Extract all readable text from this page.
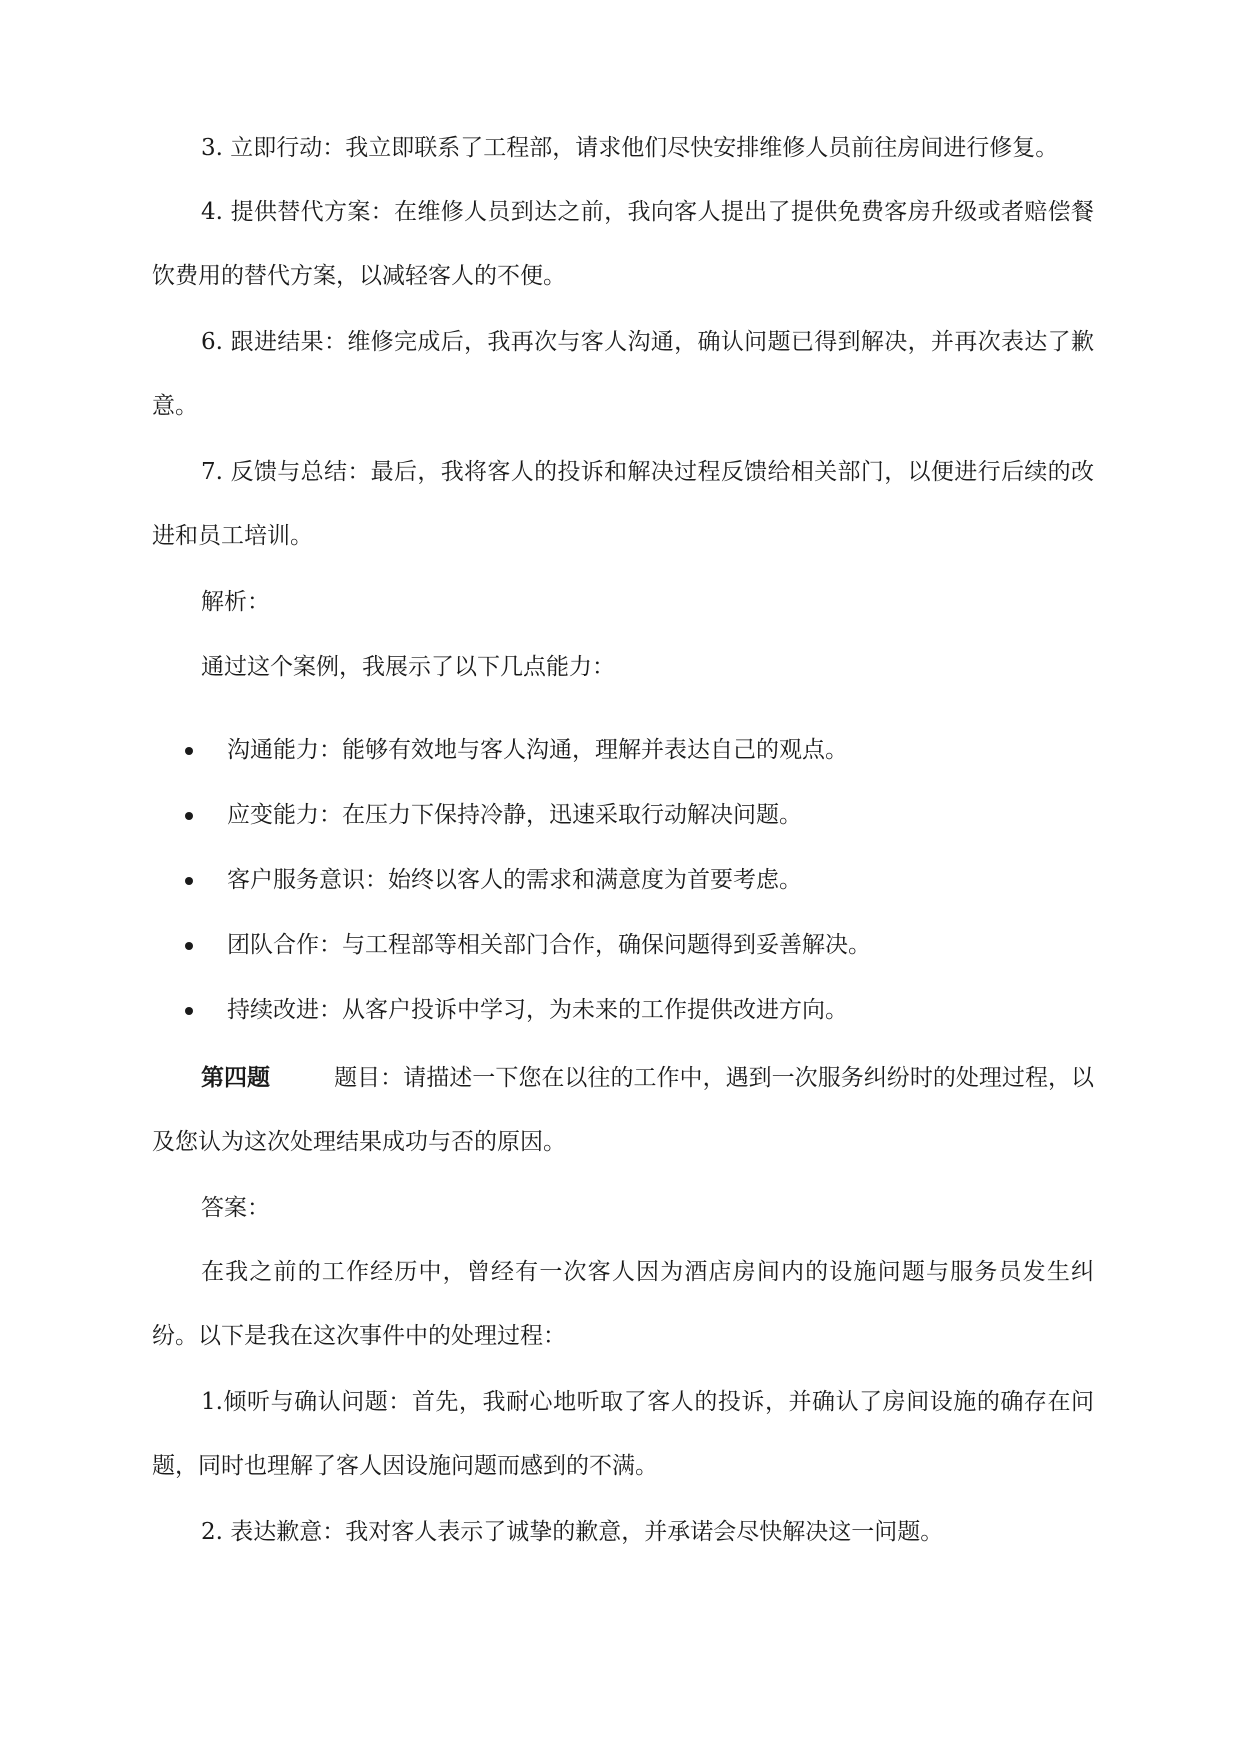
3. 立即行动：我立即联系了工程部，请求他们尽快安排维修人员前往房间进行修复。

4. 提供替代方案：在维修人员到达之前，我向客人提出了提供免费客房升级或者赔偿餐饮费用的替代方案，以减轻客人的不便。

6. 跟进结果：维修完成后，我再次与客人沟通，确认问题已得到解决，并再次表达了歉意。

7. 反馈与总结：最后，我将客人的投诉和解决过程反馈给相关部门，以便进行后续的改进和员工培训。

解析：

通过这个案例，我展示了以下几点能力：

沟通能力：能够有效地与客人沟通，理解并表达自己的观点。
应变能力：在压力下保持冷静，迅速采取行动解决问题。
客户服务意识：始终以客人的需求和满意度为首要考虑。
团队合作：与工程部等相关部门合作，确保问题得到妥善解决。
持续改进：从客户投诉中学习，为未来的工作提供改进方向。

第四题	题目：请描述一下您在以往的工作中，遇到一次服务纠纷时的处理过程，以及您认为这次处理结果成功与否的原因。

答案：

在我之前的工作经历中，曾经有一次客人因为酒店房间内的设施问题与服务员发生纠纷。以下是我在这次事件中的处理过程：

1.倾听与确认问题：首先，我耐心地听取了客人的投诉，并确认了房间设施的确存在问题，同时也理解了客人因设施问题而感到的不满。

2. 表达歉意：我对客人表示了诚挚的歉意，并承诺会尽快解决这一问题。
